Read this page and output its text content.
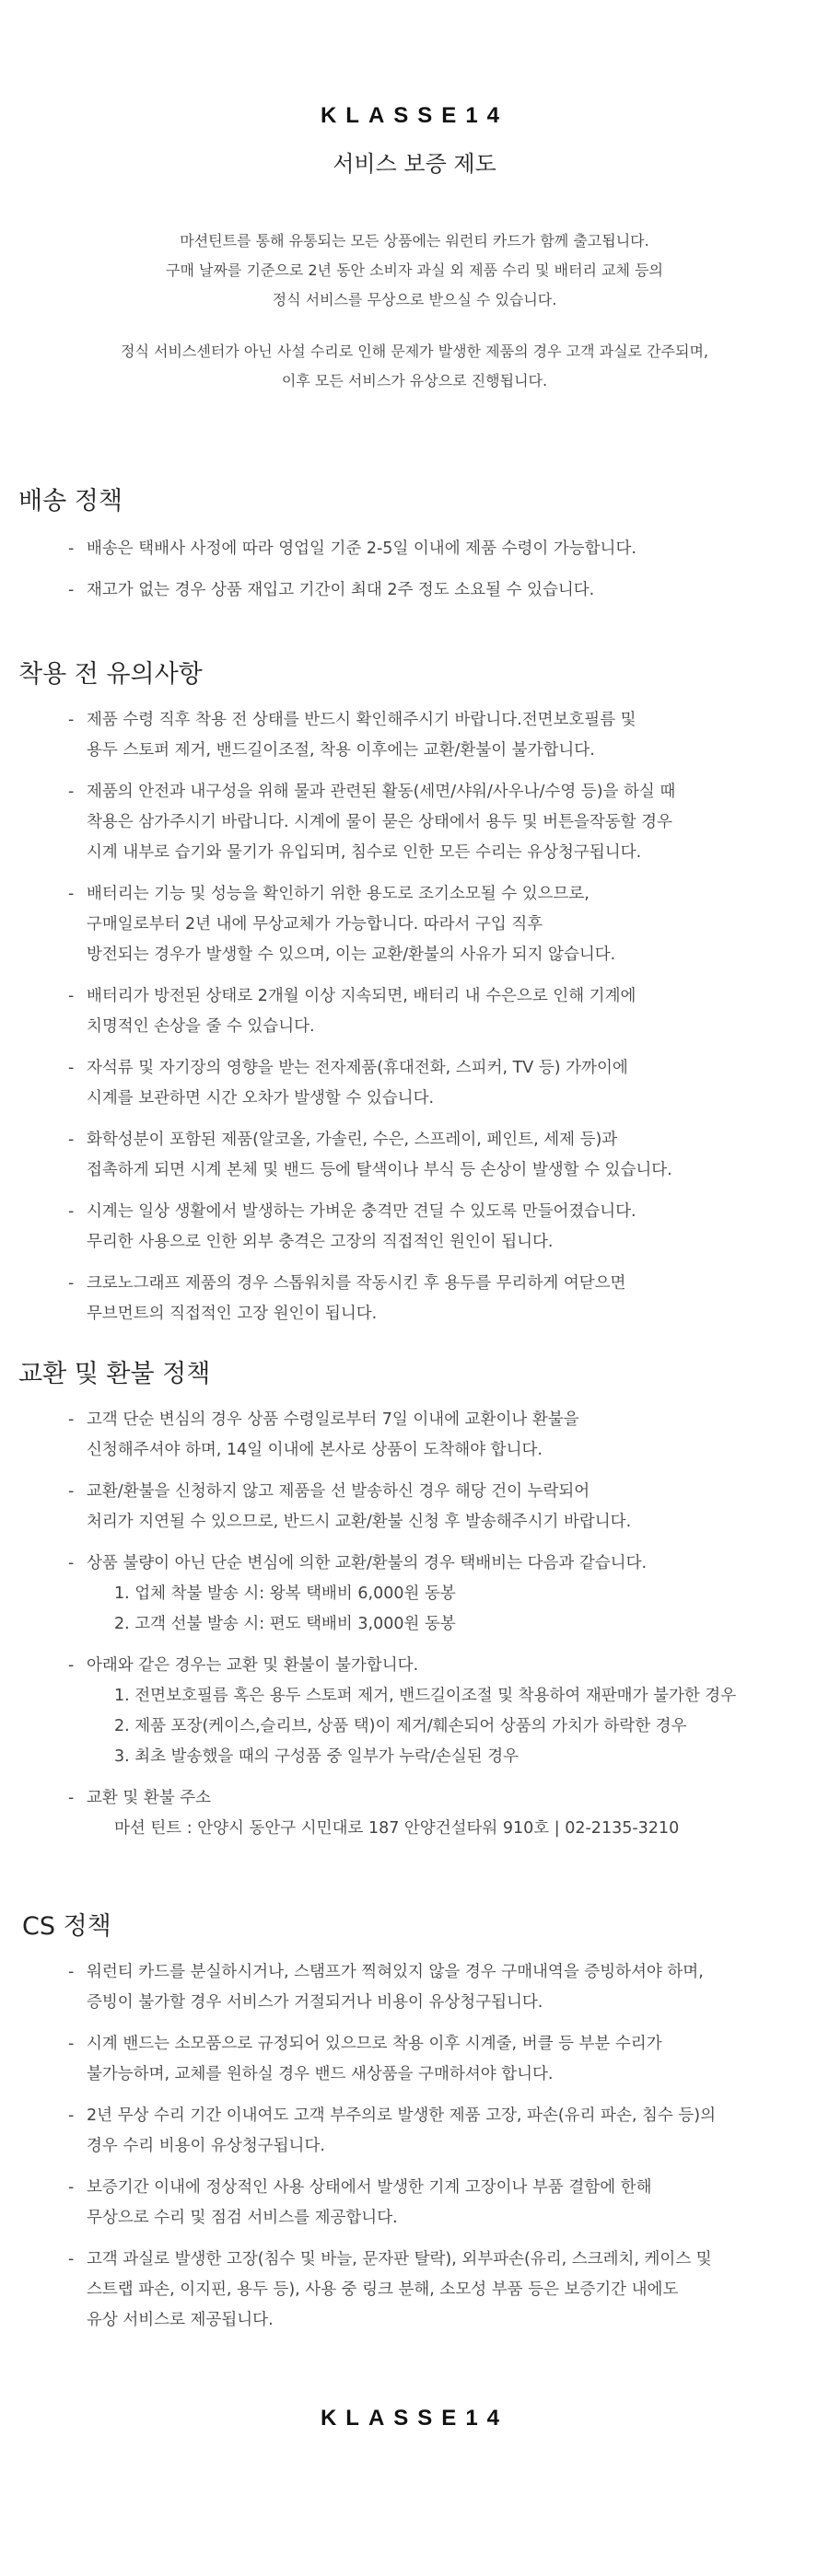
KLASSE14
서비스 보증 제도
마션틴트를 통해 유통되는 모든 상품에는 워런티 카드가 함께 출고됩니다.
구매 날짜를 기준으로 2년 동안 소비자 과실 외 제품 수리 및 배터리 교체 등의
정식 서비스를 무상으로 받으실 수 있습니다.
정식 서비스센터가 아닌 사설 수리로 인해 문제가 발생한 제품의 경우 고객 과실로 간주되며,
이후 모든 서비스가 유상으로 진행됩니다.
배송 정책
- 배송은 택배사 사정에 따라 영업일 기준 2-5일 이내에 제품 수령이 가능합니다.
- 재고가 없는 경우 상품 재입고 기간이 최대 2주 정도 소요될 수 있습니다.
착용 전 유의사항
- 제품 수령 직후 착용 전 상태를 반드시 확인해주시기 바랍니다.전면보호필름 및
용두 스토퍼 제거, 밴드길이조절, 착용 이후에는 교환/환불이 불가합니다.
- 제품의 안전과 내구성을 위해 물과 관련된 활동(세면/샤워/사우나/수영 등)을 하실 때
착용은 삼가주시기 바랍니다. 시계에 물이 묻은 상태에서 용두 및 버튼을작동할 경우
시계 내부로 습기와 물기가 유입되며, 침수로 인한 모든 수리는 유상청구됩니다.
- 배터리는 기능 및 성능을 확인하기 위한 용도로 조기소모될 수 있으므로,
구매일로부터 2년 내에 무상교체가 가능합니다. 따라서 구입 직후
방전되는 경우가 발생할 수 있으며, 이는 교환/환불의 사유가 되지 않습니다.
- 배터리가 방전된 상태로 2개월 이상 지속되면, 배터리 내 수은으로 인해 기계에
치명적인 손상을 줄 수 있습니다.
- 자석류 및 자기장의 영향을 받는 전자제품(휴대전화, 스피커, TV 등) 가까이에
시계를 보관하면 시간 오차가 발생할 수 있습니다.
- 화학성분이 포함된 제품(알코올, 가솔린, 수은, 스프레이, 페인트, 세제 등)과
접촉하게 되면 시계 본체 및 밴드 등에 탈색이나 부식 등 손상이 발생할 수 있습니다.
- 시계는 일상 생활에서 발생하는 가벼운 충격만 견딜 수 있도록 만들어졌습니다.
무리한 사용으로 인한 외부 충격은 고장의 직접적인 원인이 됩니다.
- 크로노그래프 제품의 경우 스톱워치를 작동시킨 후 용두를 무리하게 여닫으면
무브먼트의 직접적인 고장 원인이 됩니다.
교환 및 환불 정책
- 고객 단순 변심의 경우 상품 수령일로부터 7일 이내에 교환이나 환불을
신청해주셔야 하며, 14일 이내에 본사로 상품이 도착해야 합니다.
- 교환/환불을 신청하지 않고 제품을 선 발송하신 경우 해당 건이 누락되어
처리가 지연될 수 있으므로, 반드시 교환/환불 신청 후 발송해주시기 바랍니다.
- 상품 불량이 아닌 단순 변심에 의한 교환/환불의 경우 택배비는 다음과 같습니다.
1. 업체 착불 발송 시: 왕복 택배비 6,000원 동봉
2. 고객 선불 발송 시: 편도 택배비 3,000원 동봉
- 아래와 같은 경우는 교환 및 환불이 불가합니다.
1. 전면보호필름 혹은 용두 스토퍼 제거, 밴드길이조절 및 착용하여 재판매가 불가한 경우
2. 제품 포장(케이스,슬리브, 상품 택)이 제거/훼손되어 상품의 가치가 하락한 경우
3. 최초 발송했을 때의 구성품 중 일부가 누락/손실된 경우
- 교환 및 환불 주소
마션 틴트 : 안양시 동안구 시민대로 187 안양건설타워 910호 | 02-2135-3210
CS 정책
- 워런티 카드를 분실하시거나, 스탬프가 찍혀있지 않을 경우 구매내역을 증빙하셔야 하며,
증빙이 불가할 경우 서비스가 거절되거나 비용이 유상청구됩니다.
- 시계 밴드는 소모품으로 규정되어 있으므로 착용 이후 시계줄, 버클 등 부분 수리가
불가능하며, 교체를 원하실 경우 밴드 새상품을 구매하셔야 합니다.
- 2년 무상 수리 기간 이내여도 고객 부주의로 발생한 제품 고장, 파손(유리 파손, 침수 등)의
경우 수리 비용이 유상청구됩니다.
- 보증기간 이내에 정상적인 사용 상태에서 발생한 기계 고장이나 부품 결함에 한해
무상으로 수리 및 점검 서비스를 제공합니다.
- 고객 과실로 발생한 고장(침수 및 바늘, 문자판 탈락), 외부파손(유리, 스크레치, 케이스 및
스트랩 파손, 이지핀, 용두 등), 사용 중 링크 분해, 소모성 부품 등은 보증기간 내에도
유상 서비스로 제공됩니다.
KLASSE14
